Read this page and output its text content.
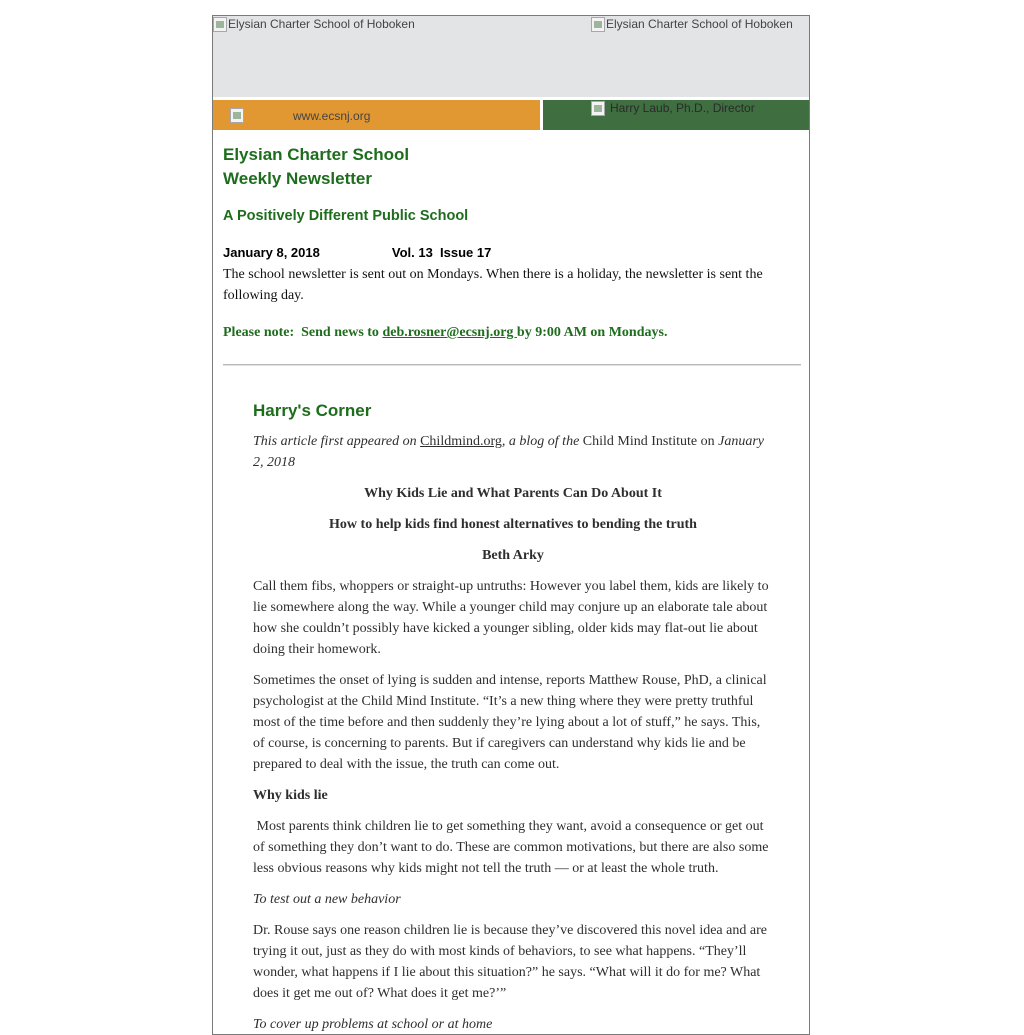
Elysian Charter School of Hoboken	Elysian Charter School of Hoboken
www.ecsnj.org
Harry Laub, Ph.D., Director

Elysian Charter School
Weekly Newsletter

A Positively Different Public School

January 8, 2018	Vol. 13  Issue 17

The school newsletter is sent out on Mondays. When there is a holiday, the newsletter is sent the following day.

Please note:  Send news to deb.rosner@ecsnj.org by 9:00 AM on Mondays.
Harry's Corner

This article first appeared on Childmind.org, a blog of the Child Mind Institute on January 2, 2018

Why Kids Lie and What Parents Can Do About It

How to help kids find honest alternatives to bending the truth

Beth Arky

Call them fibs, whoppers or straight-up untruths: However you label them, kids are likely to lie somewhere along the way. While a younger child may conjure up an elaborate tale about how she couldn’t possibly have kicked a younger sibling, older kids may flat-out lie about doing their homework.

Sometimes the onset of lying is sudden and intense, reports Matthew Rouse, PhD, a clinical psychologist at the Child Mind Institute. “It’s a new thing where they were pretty truthful most of the time before and then suddenly they’re lying about a lot of stuff,” he says. This, of course, is concerning to parents. But if caregivers can understand why kids lie and be prepared to deal with the issue, the truth can come out.

Why kids lie

Most parents think children lie to get something they want, avoid a consequence or get out of something they don’t want to do. These are common motivations, but there are also some less obvious reasons why kids might not tell the truth — or at least the whole truth.

To test out a new behavior

Dr. Rouse says one reason children lie is because they’ve discovered this novel idea and are trying it out, just as they do with most kinds of behaviors, to see what happens. “They’ll wonder, what happens if I lie about this situation?” he says. “What will it do for me? What does it get me out of? What does it get me?’”

To cover up problems at school or at home
